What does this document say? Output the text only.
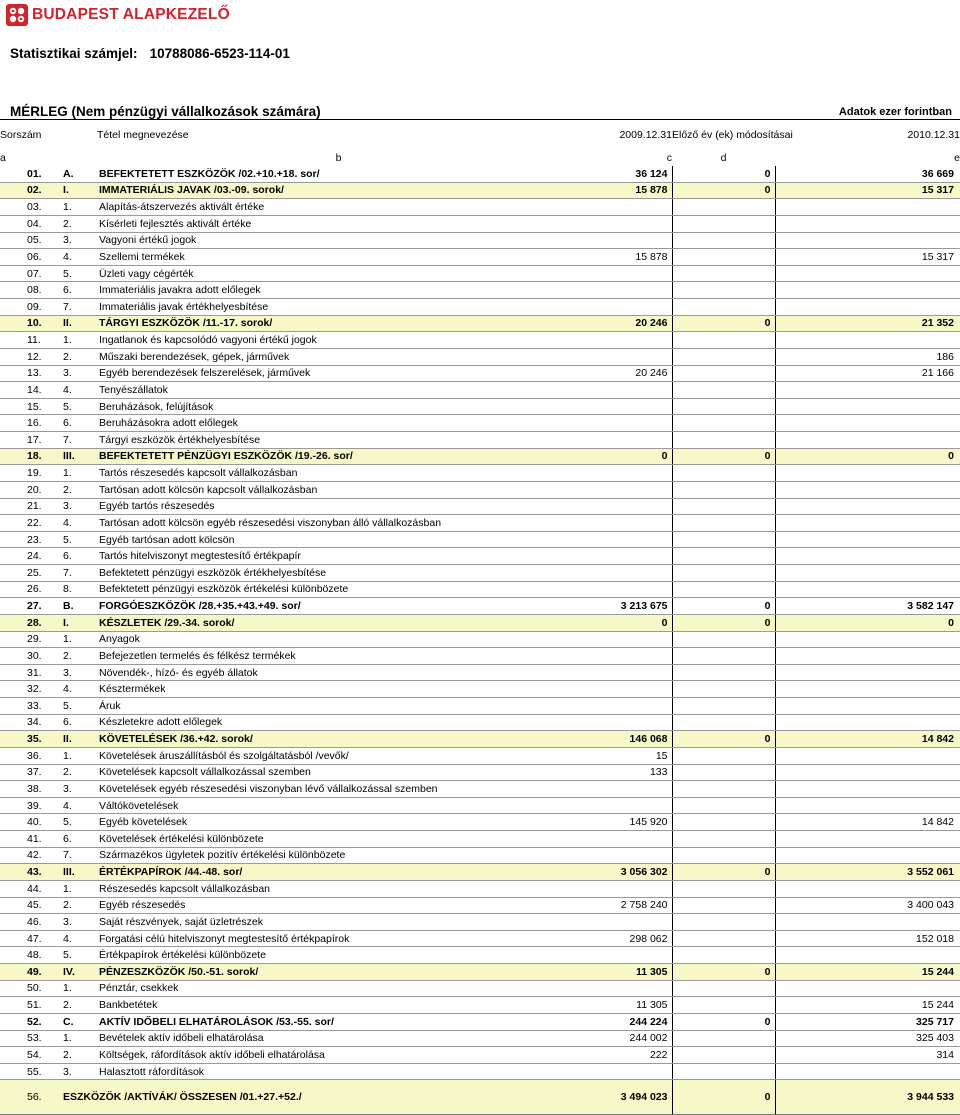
BUDAPEST ALAPKEZELŐ
Statisztikai számjel: 10788086-6523-114-01
MÉRLEG (Nem pénzügyi vállalkozások számára)	Adatok ezer forintban
Sorszám		Tétel megnevezése	2009.12.31	Előző év (ek) módosításai	2010.12.31
a		b	c	d	e
01.	A.	BEFEKTETETT ESZKÖZÖK /02.+10.+18. sor/	36 124	0	36 669
02.	I.	IMMATERIÁLIS JAVAK /03.-09. sorok/	15 878	0	15 317
03.	1.	Alapítás-átszervezés aktivált értéke			
04.	2.	Kísérleti fejlesztés aktivált értéke			
05.	3.	Vagyoni értékű jogok			
06.	4.	Szellemi termékek	15 878		15 317
07.	5.	Üzleti vagy cégérték			
08.	6.	Immateriális javakra adott előlegek			
09.	7.	Immateriális javak értékhelyesbítése			
10.	II.	TÁRGYI ESZKÖZÖK /11.-17. sorok/	20 246	0	21 352
11.	1.	Ingatlanok és kapcsolódó vagyoni értékű jogok			
12.	2.	Műszaki berendezések, gépek, járművek			186
13.	3.	Egyéb berendezések felszerelések, járművek	20 246		21 166
14.	4.	Tenyészállatok			
15.	5.	Beruházások, felújítások			
16.	6.	Beruházásokra adott előlegek			
17.	7.	Tárgyi eszközök értékhelyesbítése			
18.	III.	BEFEKTETETT PÉNZÜGYI ESZKÖZÖK /19.-26. sor/	0	0	0
19.	1.	Tartós részesedés kapcsolt vállalkozásban			
20.	2.	Tartósan adott kölcsön kapcsolt vállalkozásban			
21.	3.	Egyéb tartós részesedés			
22.	4.	Tartósan adott kölcsön egyéb részesedési viszonyban álló vállalkozásban			
23.	5.	Egyéb tartósan adott kölcsön			
24.	6.	Tartós hitelviszonyt megtestesítő értékpapír			
25.	7.	Befektetett pénzügyi eszközök értékhelyesbítése			
26.	8.	Befektetett pénzügyi eszközök értékelési különbözete			
27.	B.	FORGÓESZKÖZÖK /28.+35.+43.+49. sor/	3 213 675	0	3 582 147
28.	I.	KÉSZLETEK /29.-34. sorok/	0	0	0
29.	1.	Anyagok			
30.	2.	Befejezetlen termelés és félkész termékek			
31.	3.	Növendék-, hízó- és egyéb állatok			
32.	4.	Késztermékek			
33.	5.	Áruk			
34.	6.	Készletekre adott előlegek			
35.	II.	KÖVETELÉSEK /36.+42. sorok/	146 068	0	14 842
36.	1.	Követelések áruszállításból és szolgáltatásból /vevők/	15		
37.	2.	Követelések kapcsolt vállalkozással szemben	133		
38.	3.	Követelések egyéb részesedési viszonyban lévő vállalkozással szemben			
39.	4.	Váltókövetelések			
40.	5.	Egyéb követelések	145 920		14 842
41.	6.	Követelések értékelési különbözete			
42.	7.	Származékos ügyletek pozitív értékelési különbözete			
43.	III.	ÉRTÉKPAPÍROK /44.-48. sor/	3 056 302	0	3 552 061
44.	1.	Részesedés kapcsolt vállalkozásban			
45.	2.	Egyéb részesedés	2 758 240		3 400 043
46.	3.	Saját részvények, saját üzletrészek			
47.	4.	Forgatási célú hitelviszonyt megtestesítő értékpapírok	298 062		152 018
48.	5.	Értékpapírok értékelési különbözete			
49.	IV.	PÉNZESZKÖZÖK /50.-51. sorok/	11 305	0	15 244
50.	1.	Pénztár, csekkek			
51.	2.	Bankbetétek	11 305		15 244
52.	C.	AKTÍV IDŐBELI ELHATÁROLÁSOK /53.-55. sor/	244 224	0	325 717
53.	1.	Bevételek aktív időbeli elhatárolása	244 002		325 403
54.	2.	Költségek, ráfordítások aktív időbeli elhatárolása	222		314
55.	3.	Halasztott ráfordítások			
56.	ESZKÖZÖK /AKTÍVÁK/ ÖSSZESEN /01.+27.+52./		3 494 023	0	3 944 533
